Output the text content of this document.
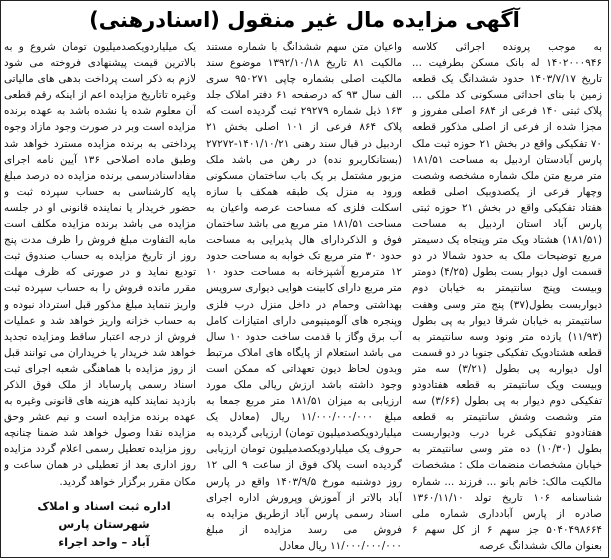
آگهی مزایده مال غیر منقول (اسنادرهنی)

به موجب پرونده اجرائی کلاسه ۱۴۰۲۰۰۰۹۴۶ له بانک مسکن بطرفیت ... تاریخ ۱۴۰۳/۷/۱۷ حدود ششدانگ یک قطعه زمین با بنای احداثی مسکونی کد ملکی ... پلاک ثبتی ۱۴۰ فرعی از ۶۸۴ اصلی مفروز و مجزا شده از فرعی از اصلی مذکور قطعه ۷۰ تفکیکی واقع در بخش ۲۱ حوزه ثبت ملک پارس آبادستان اردبیل به مساحت ۱۸۱/۵۱ متر مربع متن ملک شماره مشخصه وشصت وچهار فرعی از یکصدوبیک اصلی قطعه هفتاد تفکیکی واقع در بخش ۲۱ حوزه ثبتی پارس آباد استان اردبیل به مساحت (۱۸۱/۵۱) هشتاد ویک متر وپنجاه یک دسیمتر مربع توضیحات ملک به حدود شمالا در دو قسمت اول دیوار بست بطول (۴/۲۵) دومتر وبیست وپنج سانتیمتر به خیابان دوم دیواربست بطول(۳۷) پنج متر وسی وهفت سانتیمتر به خیابان شرقا دیوار به پی بطول (۱۱/۹۳) یازده متر ونود وسه سانتیمتر به قطعه هشتادویک تفکیکی جنوبا در دو قسمت اول دیواربه پی بطول (۳/۲۱) سه متر وبیست ویک سانتیمتر به قطعه هفتادودو تفکیکی دوم دیوار به پی بطول (۳/۶۶) سه متر وشصت وشش سانتیمتر به قطعه هفتادودو تفکیکی غربا درب ودیواربست بطول (۱۰/۳۰) ده متر وسی سانتیمتر به خیابان مشخصات منضمات ملک : مشخصات مالکیت مالک: خانم بانو ... فرزند ... شماره شناسنامه ۱۰۶ تاریخ تولد ۱۳۶۰/۱۱/۱۰ صادره از پارس آبادداری شماره ملی ۵۰۴۰۴۹۸۶۶۴ جز سهم ۶ از کل سهم ۶ بعنوان مالک ششدانگ عرصه

واعیان متن سهم ششدانگ با شماره مستند مالکیت ۸۱ تاریخ ۱۳۹۲/۱۰/۱۸ موضوع سند مالکیت اصلی بشماره چاپی ۹۵۰۲۷۱ سری الف سال ۹۳ که درصفحه ۶۱ دفتر املاک جلد ۱۶۳ ذیل شماره ۲۹۲۷۹ ثبت گردیده است که پلاک ۸۶۴ فرعی از ۱۰۱ اصلی بخش ۲۱ اردبیل در قبال سند رهنی ۱۴۰۱/۱۰/۲۱-۲۷۲۷۲ (بستانکاربرو نده) در رهن می باشد ملک مزبور مشتمل بر یک باب ساختمان مسکونی ورود به منزل یک طبقه همکف با سازه اسکلت فلزی که مساحت عرصه واعیان به مساحت ۱۸۱/۵۱ متر مربع می باشد ساختمان فوق و الذکردارای هال پذیرایی به مساحت حدود ۳۰ متر مربع تک خوابه به مساحت حدود ۱۲ مترمربع آشپزخانه به مساحت حدود ۱۰ متر مربع دارای کابینت هوایی دیواری سرویس بهداشتی وحمام در داخل منزل درب فلزی وپنجره های آلومینیومی دارای امتیازات کامل آب برق وگاز با قدمت ساخت حدود ۱۰ سال می باشد استعلام از پایگاه های املاک مرتبط وبدون لحاظ دیون تعهداتی که ممکن است وجود داشته باشد ارزش ریالی ملک مورد ارزیابی به میزان ۱۸۱/۵۱ متر مربع جمعا به مبلغ ۱۱/۰۰۰/۰۰۰/۰۰۰ ریال (معادل یک میلیاردویکصدمیلیون تومان) ارزیابی گردیده به حروف یک میلیاردویکصدمیلیون تومان ارزیابی گردیده است پلاک فوق از ساعت ۹ الی ۱۲ روز دوشنبه مورخ ۱۴۰۳/۹/۵ واقع در پارس آباد بالاتر از آموزش وپرورش اداره اجرای اسناد رسمی پارس آباد ازطریق مزایده به فروش می رسد مزایده از مبلغ ۱۱/۰۰۰/۰۰۰/۰۰۰ ریال معادل

یک میلیاردویکصدمیلیون تومان شروع و به بالاترین قیمت پیشنهادی فروخته می شود لازم به ذکر است پرداخت بدهی های مالیاتی وغیره تاتاریخ مزایده اعم از اینکه رقم قطعی آن معلوم شده یا نشده باشد به عهده برنده مزایده است وبر در صورت وجود مازاد وجوه پرداختی به برنده مزایده مسترد خواهد شد وطبق ماده اصلاحی ۱۳۶ آیین نامه اجرای مفاداسنادرسمی برنده مزایده ده درصد مبلغ پایه کارشناسی به حساب سپرده ثبت و حضور خریدار یا نماینده قانونی او در جلسه مزایده می باشد برنده مزایده مکلف است مابه التفاوت مبلغ فروش را ظرف مدت پنج روز از تاریخ مزایده به حساب صندوق ثبت تودیع نماید و در صورتی که ظرف مهلت مقرر مانده فروش را به حساب سپرده ثبت واریز ننماید مبلغ مذکور قبل استرداد نبوده و به حساب خزانه واریز خواهد شد و عملیات فروش از درجه اعتبار ساقط ومزایده تجدید خواهد شد خریدار یا خریداران می توانند قبل از روز مزایده با هماهنگی شعبه اجرای ثبت اسناد رسمی پارساباد از ملک فوق الذکر بازدید نمایند کلیه هزینه های قانونی وغیره به عهده برنده مزایده است و نیم عشر وحق مزایده نقدا وصول خواهد شد ضمنا چنانچه روز مزایده تعطیل رسمی اعلام گردد مزایده روز اداری بعد از تعطیلی در همان ساعت و مکان مقرر برگزار خواهد گردید.

اداره ثبت اسناد و املاک شهرستان پارس
آباد – واحد اجراء
